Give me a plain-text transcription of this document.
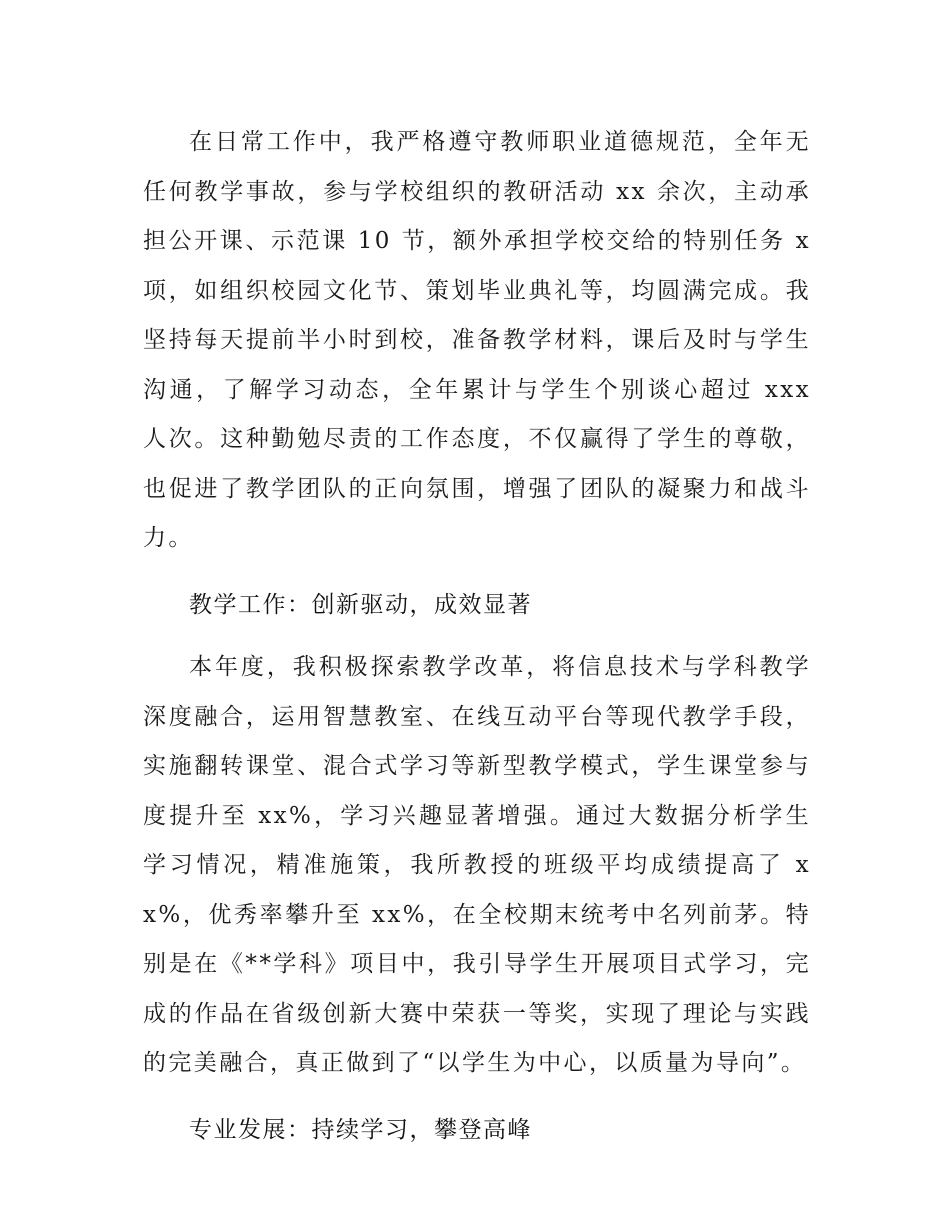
在日常工作中，我严格遵守教师职业道德规范，全年无任何教学事故，参与学校组织的教研活动 xx 余次，主动承担公开课、示范课 10 节，额外承担学校交给的特别任务 x 项，如组织校园文化节、策划毕业典礼等，均圆满完成。我坚持每天提前半小时到校，准备教学材料，课后及时与学生沟通，了解学习动态，全年累计与学生个别谈心超过 xxx 人次。这种勤勉尽责的工作态度，不仅赢得了学生的尊敬，也促进了教学团队的正向氛围，增强了团队的凝聚力和战斗力。

教学工作：创新驱动，成效显著

本年度，我积极探索教学改革，将信息技术与学科教学深度融合，运用智慧教室、在线互动平台等现代教学手段，实施翻转课堂、混合式学习等新型教学模式，学生课堂参与度提升至 xx%，学习兴趣显著增强。通过大数据分析学生学习情况，精准施策，我所教授的班级平均成绩提高了 xx%，优秀率攀升至 xx%，在全校期末统考中名列前茅。特别是在《**学科》项目中，我引导学生开展项目式学习，完成的作品在省级创新大赛中荣获一等奖，实现了理论与实践的完美融合，真正做到了“以学生为中心，以质量为导向”。

专业发展：持续学习，攀登高峰
